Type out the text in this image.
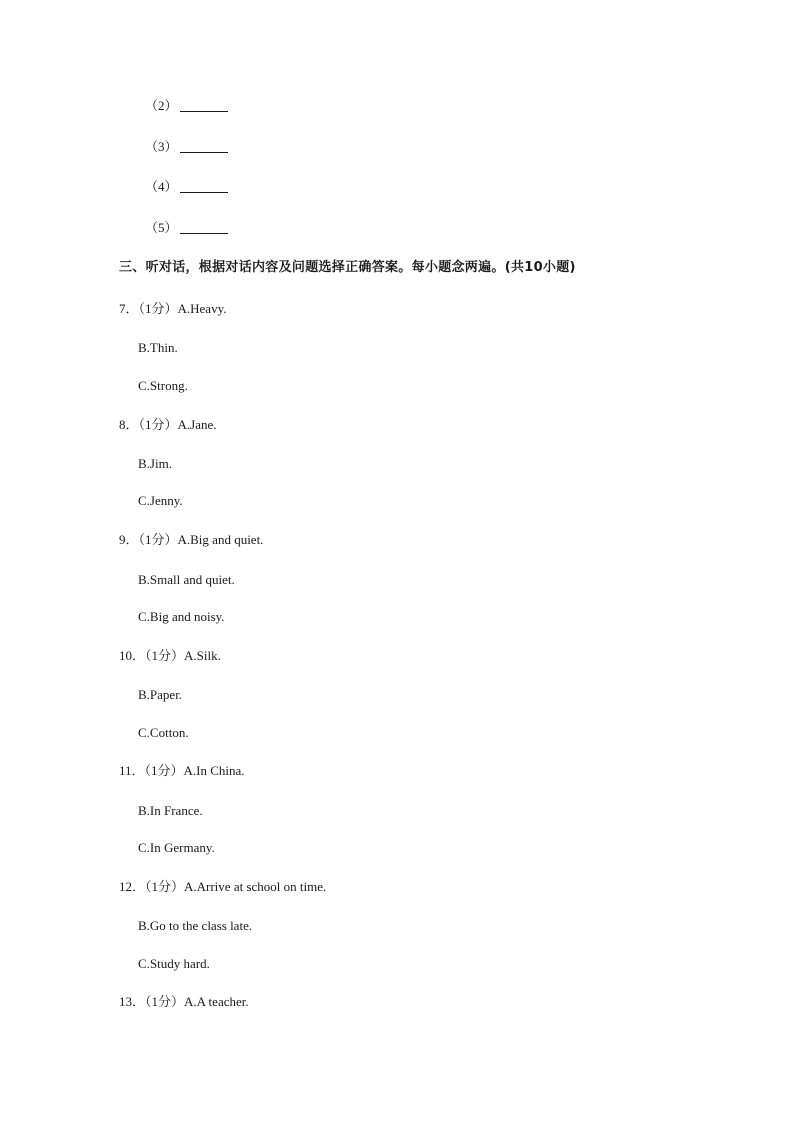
（2）
（3）
（4）
（5）
三、听对话，根据对话内容及问题选择正确答案。每小题念两遍。(共10小题)
7．（1分）A.Heavy.
B.Thin.
C.Strong.
8．（1分）A.Jane.
B.Jim.
C.Jenny.
9．（1分）A.Big and quiet.
B.Small and quiet.
C.Big and noisy.
10．（1分）A.Silk.
B.Paper.
C.Cotton.
11．（1分）A.In China.
B.In France.
C.In Germany.
12．（1分）A.Arrive at school on time.
B.Go to the class late.
C.Study hard.
13．（1分）A.A teacher.
